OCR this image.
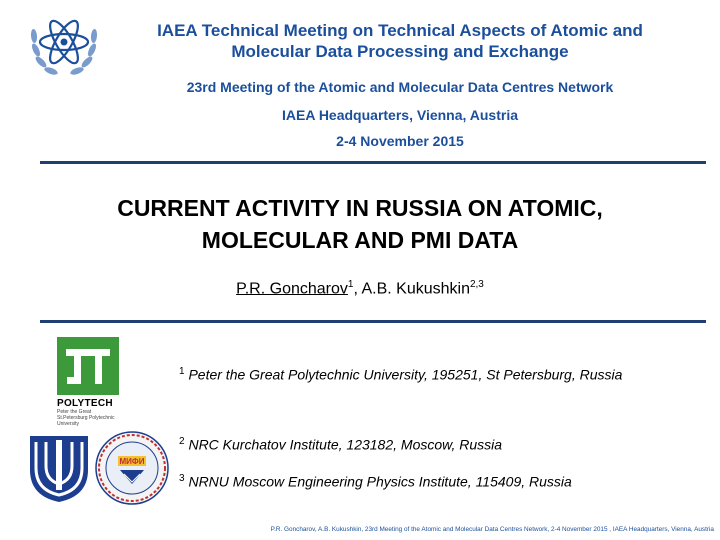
IAEA Technical Meeting on Technical Aspects of Atomic and
Molecular Data Processing and Exchange
23rd Meeting of the Atomic and Molecular Data Centres Network
IAEA Headquarters, Vienna, Austria
2-4 November 2015
CURRENT ACTIVITY IN RUSSIA ON ATOMIC,
MOLECULAR AND PMI DATA
P.R. Goncharov$^1$, A.B. Kukushkin$^{2,3}$
POLYTECH
Peter the Great
St.Petersburg Polytechnic
University
МИФИ
$^1$ Peter the Great Polytechnic University, 195251, St Petersburg, Russia
$^2$ NRC Kurchatov Institute, 123182, Moscow, Russia
$^3$ NRNU Moscow Engineering Physics Institute, 115409, Russia
P.R. Goncharov, A.B. Kukushkin, 23rd Meeting of the Atomic and Molecular Data Centres Network, 2-4 November 2015 , IAEA Headquarters, Vienna, Austria
